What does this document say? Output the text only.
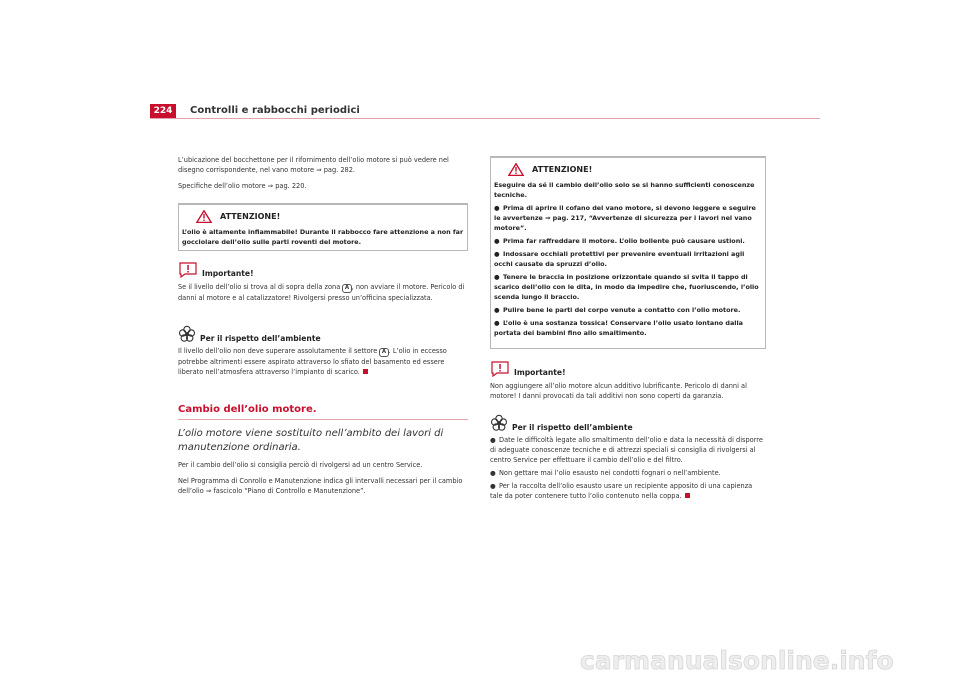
224	Controlli e rabbocchi periodici

L’ubicazione del bocchettone per il rifornimento dell’olio motore si può vedere nel disegno corrispondente, nel vano motore ⇒ pag. 282.

Specifiche dell’olio motore ⇒ pag. 220.

ATTENZIONE!
L’olio è altamente infiammabile! Durante il rabbocco fare attenzione a non far gocciolare dell’olio sulle parti roventi del motore.
Importante!
Se il livello dell’olio si trova al di sopra della zona A , non avviare il motore. Pericolo di danni al motore e al catalizzatore! Rivolgersi presso un’officina specializzata.
Per il rispetto dell’ambiente
Il livello dell’olio non deve superare assolutamente il settore A . L’olio in eccesso potrebbe altrimenti essere aspirato attraverso lo sfiato del basamento ed essere liberato nell’atmosfera attraverso l’impianto di scarico.
Cambio dell’olio motore.
L’olio motore viene sostituito nell’ambito dei lavori di manutenzione ordinaria.

Per il cambio dell’olio si consiglia perciò di rivolgersi ad un centro Service.

Nel Programma di Conrollo e Manutenzione indica gli intervalli necessari per il cambio dell’olio ⇒ fascicolo “Piano di Controllo e Manutenzione”.

ATTENZIONE!

Eseguire da sé il cambio dell’olio solo se si hanno sufficienti conoscenze tecniche.

● Prima di aprire il cofano del vano motore, si devono leggere e seguire le avvertenze ⇒ pag. 217, “Avvertenze di sicurezza per i lavori nel vano motore”.

● Prima far raffreddare il motore. L’olio bollente può causare ustioni.

● Indossare occhiali protettivi per prevenire eventuali irritazioni agli occhi causate da spruzzi d’olio.

● Tenere le braccia in posizione orizzontale quando si svita il tappo di scarico dell’olio con le dita, in modo da impedire che, fuoriuscendo, l’olio scenda lungo il braccio.

● Pulire bene le parti del corpo venute a contatto con l’olio motore.

● L’olio è una sostanza tossica! Conservare l’olio usato lontano dalla portata dei bambini fino allo smaltimento.

Importante!
Non aggiungere all’olio motore alcun additivo lubrificante. Pericolo di danni al motore! I danni provocati da tali additivi non sono coperti da garanzia.
Per il rispetto dell’ambiente

● Date le difficoltà legate allo smaltimento dell’olio e data la necessità di disporre di adeguate conoscenze tecniche e di attrezzi speciali si consiglia di rivolgersi al centro Service per effettuare il cambio dell’olio e del filtro.

● Non gettare mai l’olio esausto nei condotti fognari o nell’ambiente.

● Per la raccolta dell’olio esausto usare un recipiente apposito di una capienza tale da poter contenere tutto l’olio contenuto nella coppa.

carmanualsonline.info
